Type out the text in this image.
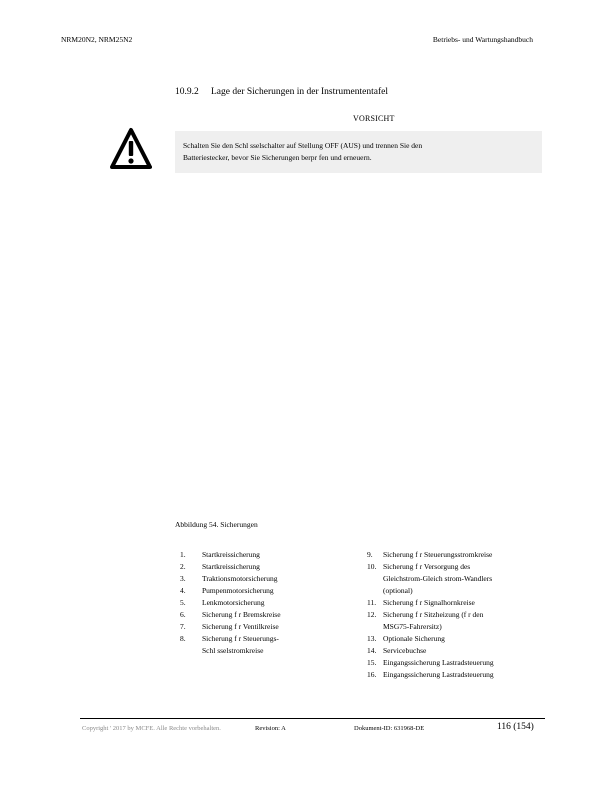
NRM20N2, NRM25N2	Betriebs- und Wartungshandbuch
10.9.2 Lage der Sicherungen in der Instrumententafel
VORSICHT
Schalten Sie den Schl sselschalter auf Stellung OFF (AUS) und trennen Sie den
Batteriestecker, bevor Sie Sicherungen berpr fen und erneuern.
Abbildung 54. Sicherungen
1.	Startkreissicherung
2.	Startkreissicherung
3.	Traktionsmotorsicherung
4.	Pumpenmotorsicherung
5.	Lenkmotorsicherung
6.	Sicherung f r Bremskreise
7.	Sicherung f r Ventilkreise
8.	Sicherung f r Steuerungs-
Schl sselstromkreise
9.	Sicherung f r Steuerungsstromkreise
10. Sicherung f r Versorgung des
Gleichstrom-Gleich strom-Wandlers
(optional)
11. Sicherung f r Signalhornkreise
12. Sicherung f r Sitzheizung (f r den
MSG75-Fahrersitz)
13. Optionale Sicherung
14. Servicebuchse
15. Eingangssicherung Lastradsteuerung
16. Eingangssicherung Lastradsteuerung
Copyright ' 2017 by MCFE. Alle Rechte vorbehalten.	Revision: A	Dokument-ID: 631968-DE	116 (154)
